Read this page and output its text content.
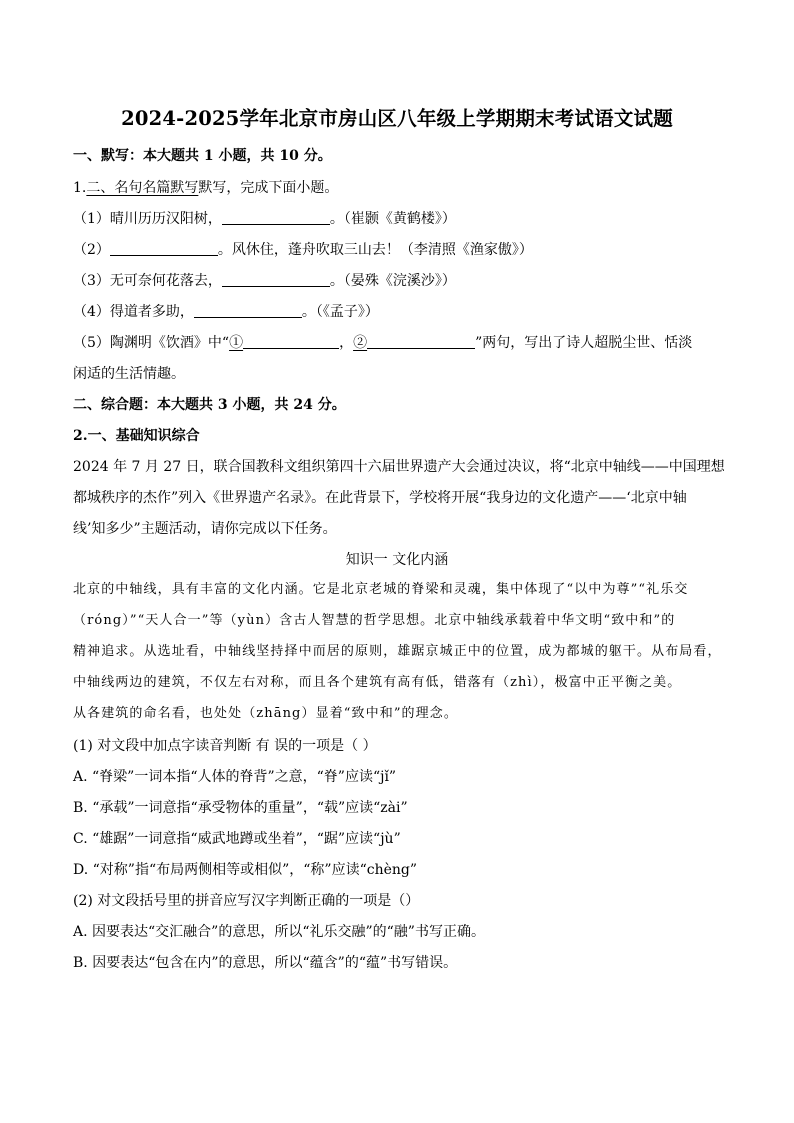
2024-2025学年北京市房山区八年级上学期期末考试语文试题
一、默写：本大题共 1 小题，共 10 分。
1.二、名句名篇默写默写，完成下面小题。
（1）晴川历历汉阳树，	。（崔颢《黄鹤楼》）
（2）	。风休住，蓬舟吹取三山去！（李清照《渔家傲》）
（3）无可奈何花落去，	。（晏殊《浣溪沙》）
（4）得道者多助，	。（《孟子》）
（5）陶渊明《饮酒》中“①	，②	”两句，写出了诗人超脱尘世、恬淡
闲适的生活情趣。
二、综合题：本大题共 3 小题，共 24 分。
2.一、基础知识综合
2024 年 7 月 27 日，联合国教科文组织第四十六届世界遗产大会通过决议，将“北京中轴线——中国理想
都城秩序的杰作”列入《世界遗产名录》。在此背景下，学校将开展“我身边的文化遗产——‘北京中轴
线’知多少”主题活动，请你完成以下任务。
知识一 文化内涵
北京的中轴线，具有丰富的文化内涵。它是北京老城的脊梁和灵魂，集中体现了“以中为尊”“礼乐交
（róng）”“天人合一”等（yùn）含古人智慧的哲学思想。北京中轴线承载着中华文明“致中和”的
精神追求。从选址看，中轴线坚持择中而居的原则，雄踞京城正中的位置，成为都城的躯干。从布局看，
中轴线两边的建筑，不仅左右对称，而且各个建筑有高有低，错落有（zhì），极富中正平衡之美。
从各建筑的命名看，也处处（zhāng）显着“致中和”的理念。
(1) 对文段中加点字读音判断 有 误的一项是（ ）
A. “脊梁”一词本指“人体的脊背”之意，“脊”应读“jǐ”
B. “承载”一词意指“承受物体的重量”，“载”应读“zài”
C. “雄踞”一词意指“威武地蹲或坐着”，“踞”应读“jù”
D. “对称”指“布局两侧相等或相似”，“称”应读“chèng”
(2) 对文段括号里的拼音应写汉字判断正确的一项是（）
A. 因要表达“交汇融合”的意思，所以“礼乐交融”的“融”书写正确。
B. 因要表达“包含在内”的意思，所以“蕴含”的“蕴”书写错误。
